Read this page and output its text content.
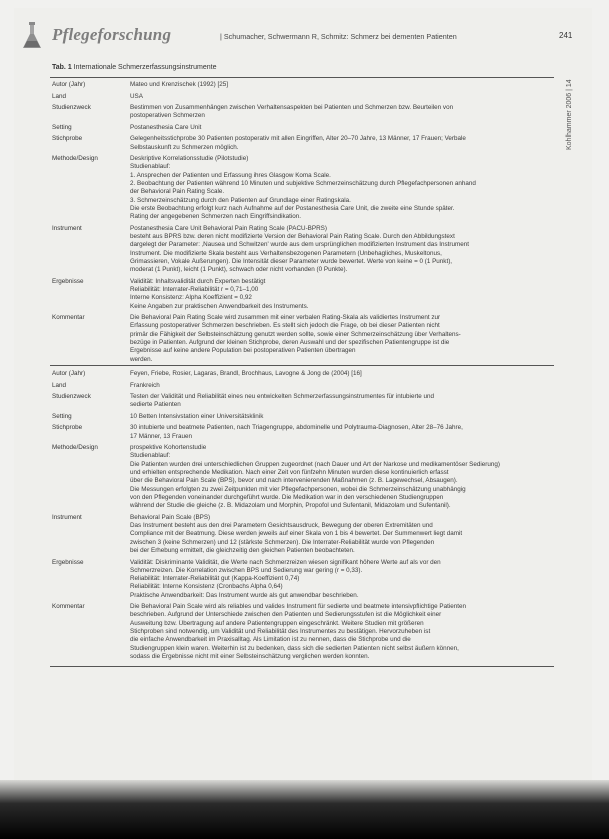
Pflegeforschung	| Schumacher, Schwermann R, Schmitz: Schmerz bei dementen Patienten	241
Kohlhammer 2006 | 14
Tab. 1 Internationale Schmerzerfassungsinstrumente
Autor (Jahr)	Mateo und Krenzischek (1992) [25]
Land	USA
Studienzweck	Bestimmen von Zusammenhängen zwischen Verhaltensaspekten bei Patienten und Schmerzen bzw. Beurteilen von
postoperativen Schmerzen
Setting	Postanesthesia Care Unit
Stichprobe	Gelegenheitsstichprobe 30 Patienten postoperativ mit allen Eingriffen, Alter 20–70 Jahre, 13 Männer, 17 Frauen; Verbale
Selbstauskunft zu Schmerzen möglich.
Methode/Design	Deskriptive Korrelationsstudie (Pilotstudie)
Studienablauf:
1. Ansprechen der Patienten und Erfassung ihres Glasgow Koma Scale.
2. Beobachtung der Patienten während 10 Minuten und subjektive Schmerzeinschätzung durch Pflegefachpersonen anhand
der Behavioral Pain Rating Scale.
3. Schmerzeinschätzung durch den Patienten auf Grundlage einer Ratingskala.
Die erste Beobachtung erfolgt kurz nach Aufnahme auf der Postanesthesia Care Unit, die zweite eine Stunde später.
Rating der angegebenen Schmerzen nach Eingriffsindikation.
Instrument	Postanesthesia Care Unit Behavioral Pain Rating Scale (PACU-BPRS)
besteht aus BPRS bzw. deren nicht modifizierte Version der Behavioral Pain Rating Scale. Durch den Abbildungstext
dargelegt der Parameter: ‚Nausea und Schwitzen' wurde aus dem ursprünglichen modifizierten Instrument das Instrument
Instrument. Die modifizierte Skala besteht aus Verhaltensbezogenen Parametern (Unbehagliches, Muskeltonus,
Grimassieren, Vokale Äußerungen). Die Intensität dieser Parameter wurde bewertet. Werte von keine = 0 (1 Punkt),
moderat (1 Punkt), leicht (1 Punkt), schwach oder nicht vorhanden (0 Punkte).
Ergebnisse	Validität: Inhaltsvalidität durch Experten bestätigt
Reliabilität: Interrater-Reliabilität r = 0,71–1,00
Interne Konsistenz: Alpha Koeffizient = 0,92
Keine Angaben zur praktischen Anwendbarkeit des Instruments.
Kommentar	Die Behavioral Pain Rating Scale wird zusammen mit einer verbalen Rating-Skala als validiertes Instrument zur
Erfassung postoperativer Schmerzen beschrieben. Es stellt sich jedoch die Frage, ob bei dieser Patienten nicht
primär die Fähigkeit der Selbsteinschätzung genutzt werden sollte, sowie einer Schmerzeinschätzung über Verhaltens-
bezüge in Patienten. Aufgrund der kleinen Stichprobe, deren Auswahl und der spezifischen Patientengruppe ist die
Ergebnisse auf keine andere Population bei postoperativen Patienten übertragen
werden.
Autor (Jahr)	Feyen, Friebe, Rosier, Lagaras, Brandl, Brochhaus, Lavogne & Jong de (2004) [16]
Land	Frankreich
Studienzweck	Testen der Validität und Reliabilität eines neu entwickelten Schmerzerfassungsinstrumentes für intubierte und
sedierte Patienten
Setting	10 Betten Intensivstation einer Universitätsklinik
Stichprobe	30 intubierte und beatmete Patienten, nach Triagengruppe, abdominelle und Polytrauma-Diagnosen, Alter 28–76 Jahre,
17 Männer, 13 Frauen
Methode/Design	prospektive Kohortenstudie
Studienablauf:
Die Patienten wurden drei unterschiedlichen Gruppen zugeordnet (nach Dauer und Art der Narkose und medikamentöser Sedierung)
und erhielten entsprechende Medikation. Nach einer Zeit von fünfzehn Minuten wurden diese kontinuierlich erfasst
über die Behavioral Pain Scale (BPS), bevor und nach intervenierenden Maßnahmen (z. B. Lagewechsel, Absaugen).
Die Messungen erfolgten zu zwei Zeitpunkten mit vier Pflegefachpersonen, wobei die Schmerzeinschätzung unabhängig
von den Pflegenden voneinander durchgeführt wurde. Die Medikation war in den verschiedenen Studiengruppen
während der Studie die gleiche (z. B. Midazolam und Morphin, Propofol und Sufentanil, Midazolam und Sufentanil).
Instrument	Behavioral Pain Scale (BPS)
Das Instrument besteht aus den drei Parametern Gesichtsausdruck, Bewegung der oberen Extremitäten und
Compliance mit der Beatmung. Diese werden jeweils auf einer Skala von 1 bis 4 bewertet. Der Summenwert liegt damit
zwischen 3 (keine Schmerzen) und 12 (stärkste Schmerzen). Die Interrater-Reliabilität wurde von Pflegenden
bei der Erhebung ermittelt, die gleichzeitig den gleichen Patienten beobachteten.
Ergebnisse	Validität: Diskriminante Validität, die Werte nach Schmerzreizen wiesen signifikant höhere Werte auf als vor den
Schmerzreizen. Die Korrelation zwischen BPS und Sedierung war gering (r = 0,33).
Reliabilität: Interrater-Reliabilität gut (Kappa-Koeffizient 0,74)
Reliabilität: Interne Konsistenz (Cronbachs Alpha 0,64)
Praktische Anwendbarkeit: Das Instrument wurde als gut anwendbar beschrieben.
Kommentar	Die Behavioral Pain Scale wird als reliables und valides Instrument für sedierte und beatmete intensivpflichtige Patienten
beschrieben. Aufgrund der Unterschiede zwischen den Patienten und Sedierungsstufen ist die Möglichkeit einer
Ausweitung bzw. Übertragung auf andere Patientengruppen eingeschränkt. Weitere Studien mit größeren
Stichproben sind notwendig, um Validität und Reliabilität des Instrumentes zu bestätigen. Hervorzuheben ist
die einfache Anwendbarkeit im Praxisalltag. Als Limitation ist zu nennen, dass die Stichprobe und die
Studiengruppen klein waren. Weiterhin ist zu bedenken, dass sich die sedierten Patienten nicht selbst äußern können,
sodass die Ergebnisse nicht mit einer Selbsteinschätzung verglichen werden konnten.
